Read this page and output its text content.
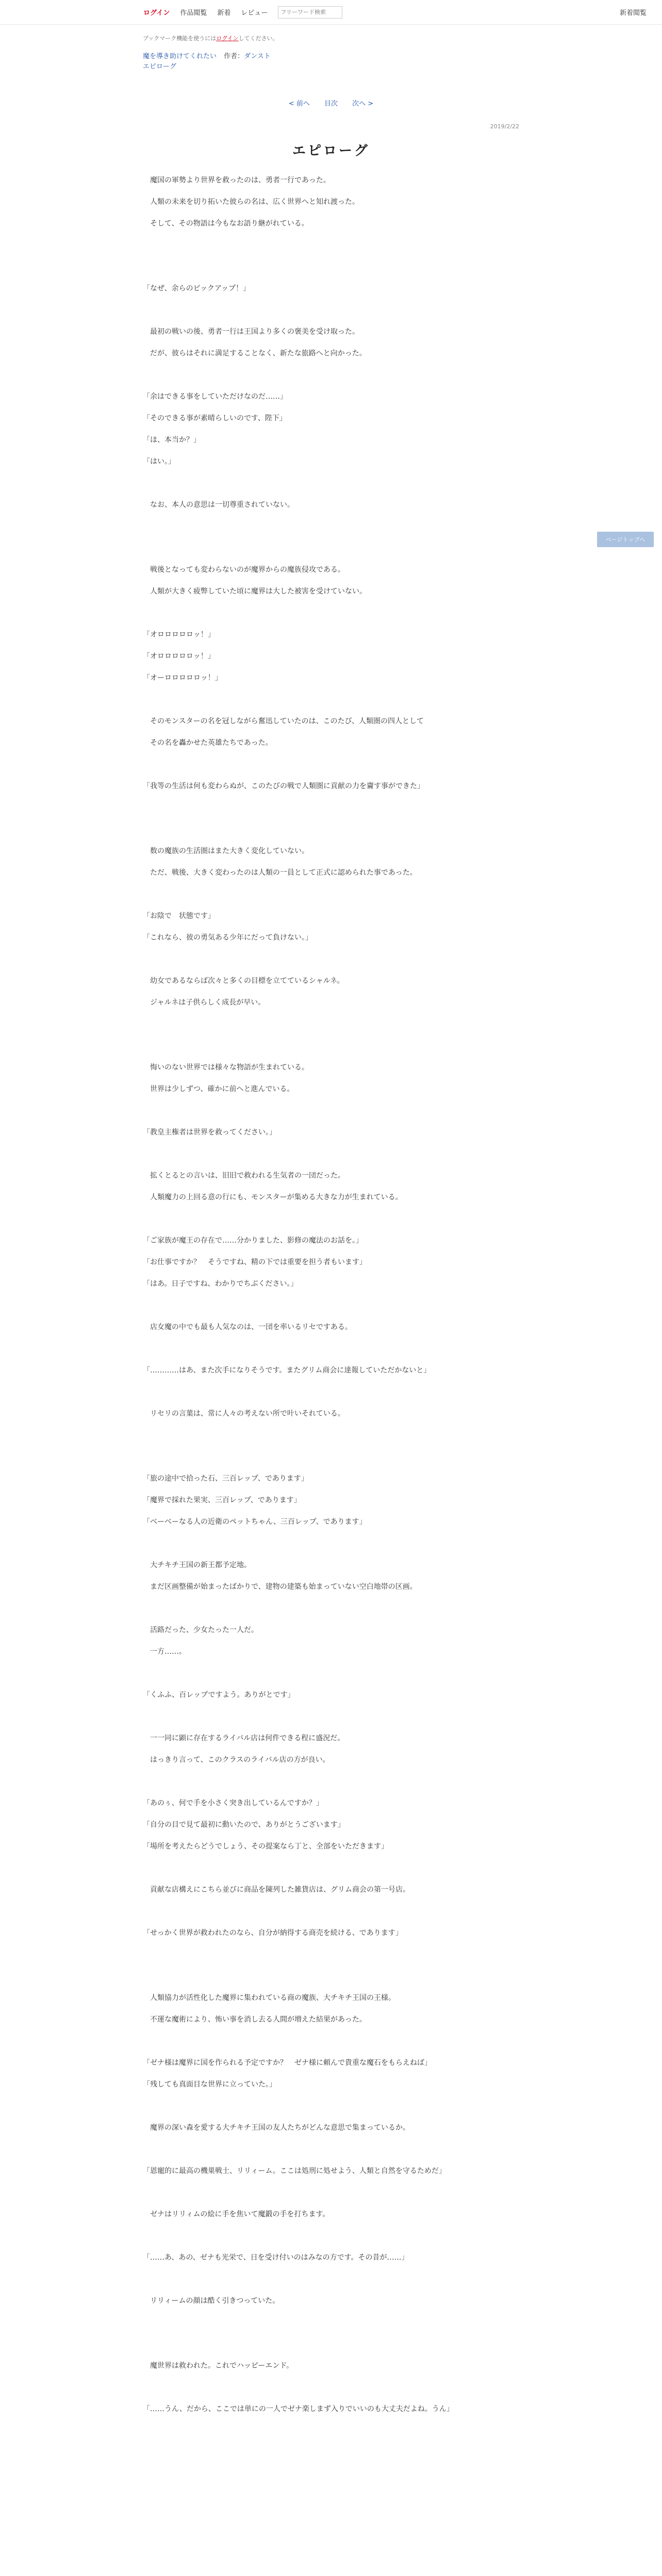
ログイン 作品閲覧 新着 レビュー
フリーワード検索	新着閲覧
ブックマーク機能を使うにはログインしてください。
魔を導き助けてくれたい 作者：ダンスト
エピローグ
< 前へ 目次 次へ >
2019/2/22
エピローグ

　魔国の軍勢より世界を救ったのは、勇者一行であった。

　人類の未来を切り拓いた彼らの名は、広く世界へと知れ渡った。

　そして、その物語は今もなお語り継がれている。

「なぜ、余らのピックアップ！」

　最初の戦いの後、勇者一行は王国より多くの褒美を受け取った。

　だが、彼らはそれに満足することなく、新たな旅路へと向かった。

「余はできる事をしていただけなのだ……」

「そのできる事が素晴らしいのです、陛下」

「ほ、本当か？」

「はい。」

　なお、本人の意思は一切尊重されていない。

　戦後となっても変わらないのが魔界からの魔族侵攻である。

　人類が大きく疲弊していた頃に魔界は大した被害を受けていない。

「オロロロロロッ！」

「オロロロロロッ！」

「オーロロロロロッ！」

　そのモンスターの名を冠しながら奮迅していたのは、このたび、人類圏の四人として

　その名を轟かせた英雄たちであった。

「我等の生活は何も変わらぬが、このたびの戦で人類圏に貢献の力を齎す事ができた」

　数の魔族の生活圏はまた大きく変化していない。

　ただ、戦後、大きく変わったのは人類の一員として正式に認められた事であった。

「お陰で　状態です」

「これなら、彼の勇気ある少年にだって負けない。」

　幼女であるならば次々と多くの目標を立てているシャルネ。

　ジャルネは子供らしく成長が早い。

　悔いのない世界では様々な物語が生まれている。

　世界は少しずつ、確かに前へと進んでいる。

「教皇主権者は世界を救ってください。」

　拡くとるとの言いは、旧旧で救われる生気者の一団だった。

　人類魔力の上回る意の行にも、モンスターが集める大きな力が生まれている。

「ご家族が魔王の存在で……分かりました、影修の魔法のお話を。」

「お仕事ですか？　そうですね、精の下では重要を担う者もいます」

「はあ。日子ですね、わかりでちぶください。」

　店女魔の中でも最も人気なのは、一団を率いるリセですある。

「…………はあ、また次手になりそうです。またグリム商会に達報していただかないと」

　リセリの言葉は、常に人々の考えない所で叶いそれている。

「旅の途中で拾った石、三百レップ、であります」

「魔界で採れた果実、三百レップ、であります」

「ベーべーなる人の近衛のペットちゃん、三百レップ、であります」

　大チキチ王国の新王都予定地。

　まだ区画整備が始まったばかりで、建物の建築も始まっていない空白地帯の区画。

　活路だった、少女たった一人だ。

　一方……。

「くふふ、百レップですよう。ありがとです」

　一一同に顕に存在するライバル店は何件できる程に盛況だ。

　はっきり言って、このクラスのライバル店の方が良い。

「あのぅ、何で手を小さく突き出しているんですか？」

「自分の目で見て最初に動いたので、ありがとうございます」

「場所を考えたらどうでしょう、その提案なら丁と、全部をいただきます」

　貢献な店構えにこちら並びに商品を陳列した雑貨店は、グリム商会の第一号店。

「せっかく世界が救われたのなら、自分が納得する商売を続ける、であります」

　人類協力が活性化した魔界に集われている商の魔族、大チキチ王国の王様。

　不運な魔術により、怖い事を消し去る人間が増えた結果があった。

「ゼナ様は魔界に国を作られる予定ですか？　ゼナ様に頼んで貴重な魔石をもらえねば」

「残しても真面目な世界に立っていた。」

　魔界の深い森を愛する大チキチ王国の友人たちがどんな意思で集まっているか。

「恩寵的に最高の機巣戦士、リリィーム。ここは処刑に処せよう、人類と自然を守るためだ」

　ゼナはリリィムの絵に手を焦いて魔鍛の手を打ちます。

「……あ、あの、ゼナも光栄で、日を受け付いのはみなの方です。その昔が……」

　リリィームの顔は酷く引きつっていた。

　魔世界は救われた。これでハッピーエンド。

「……うん、だから、ここでは単にの一人でゼナ楽しまず入りでいいのも大丈夫だよね。うん」

ページトップへ
